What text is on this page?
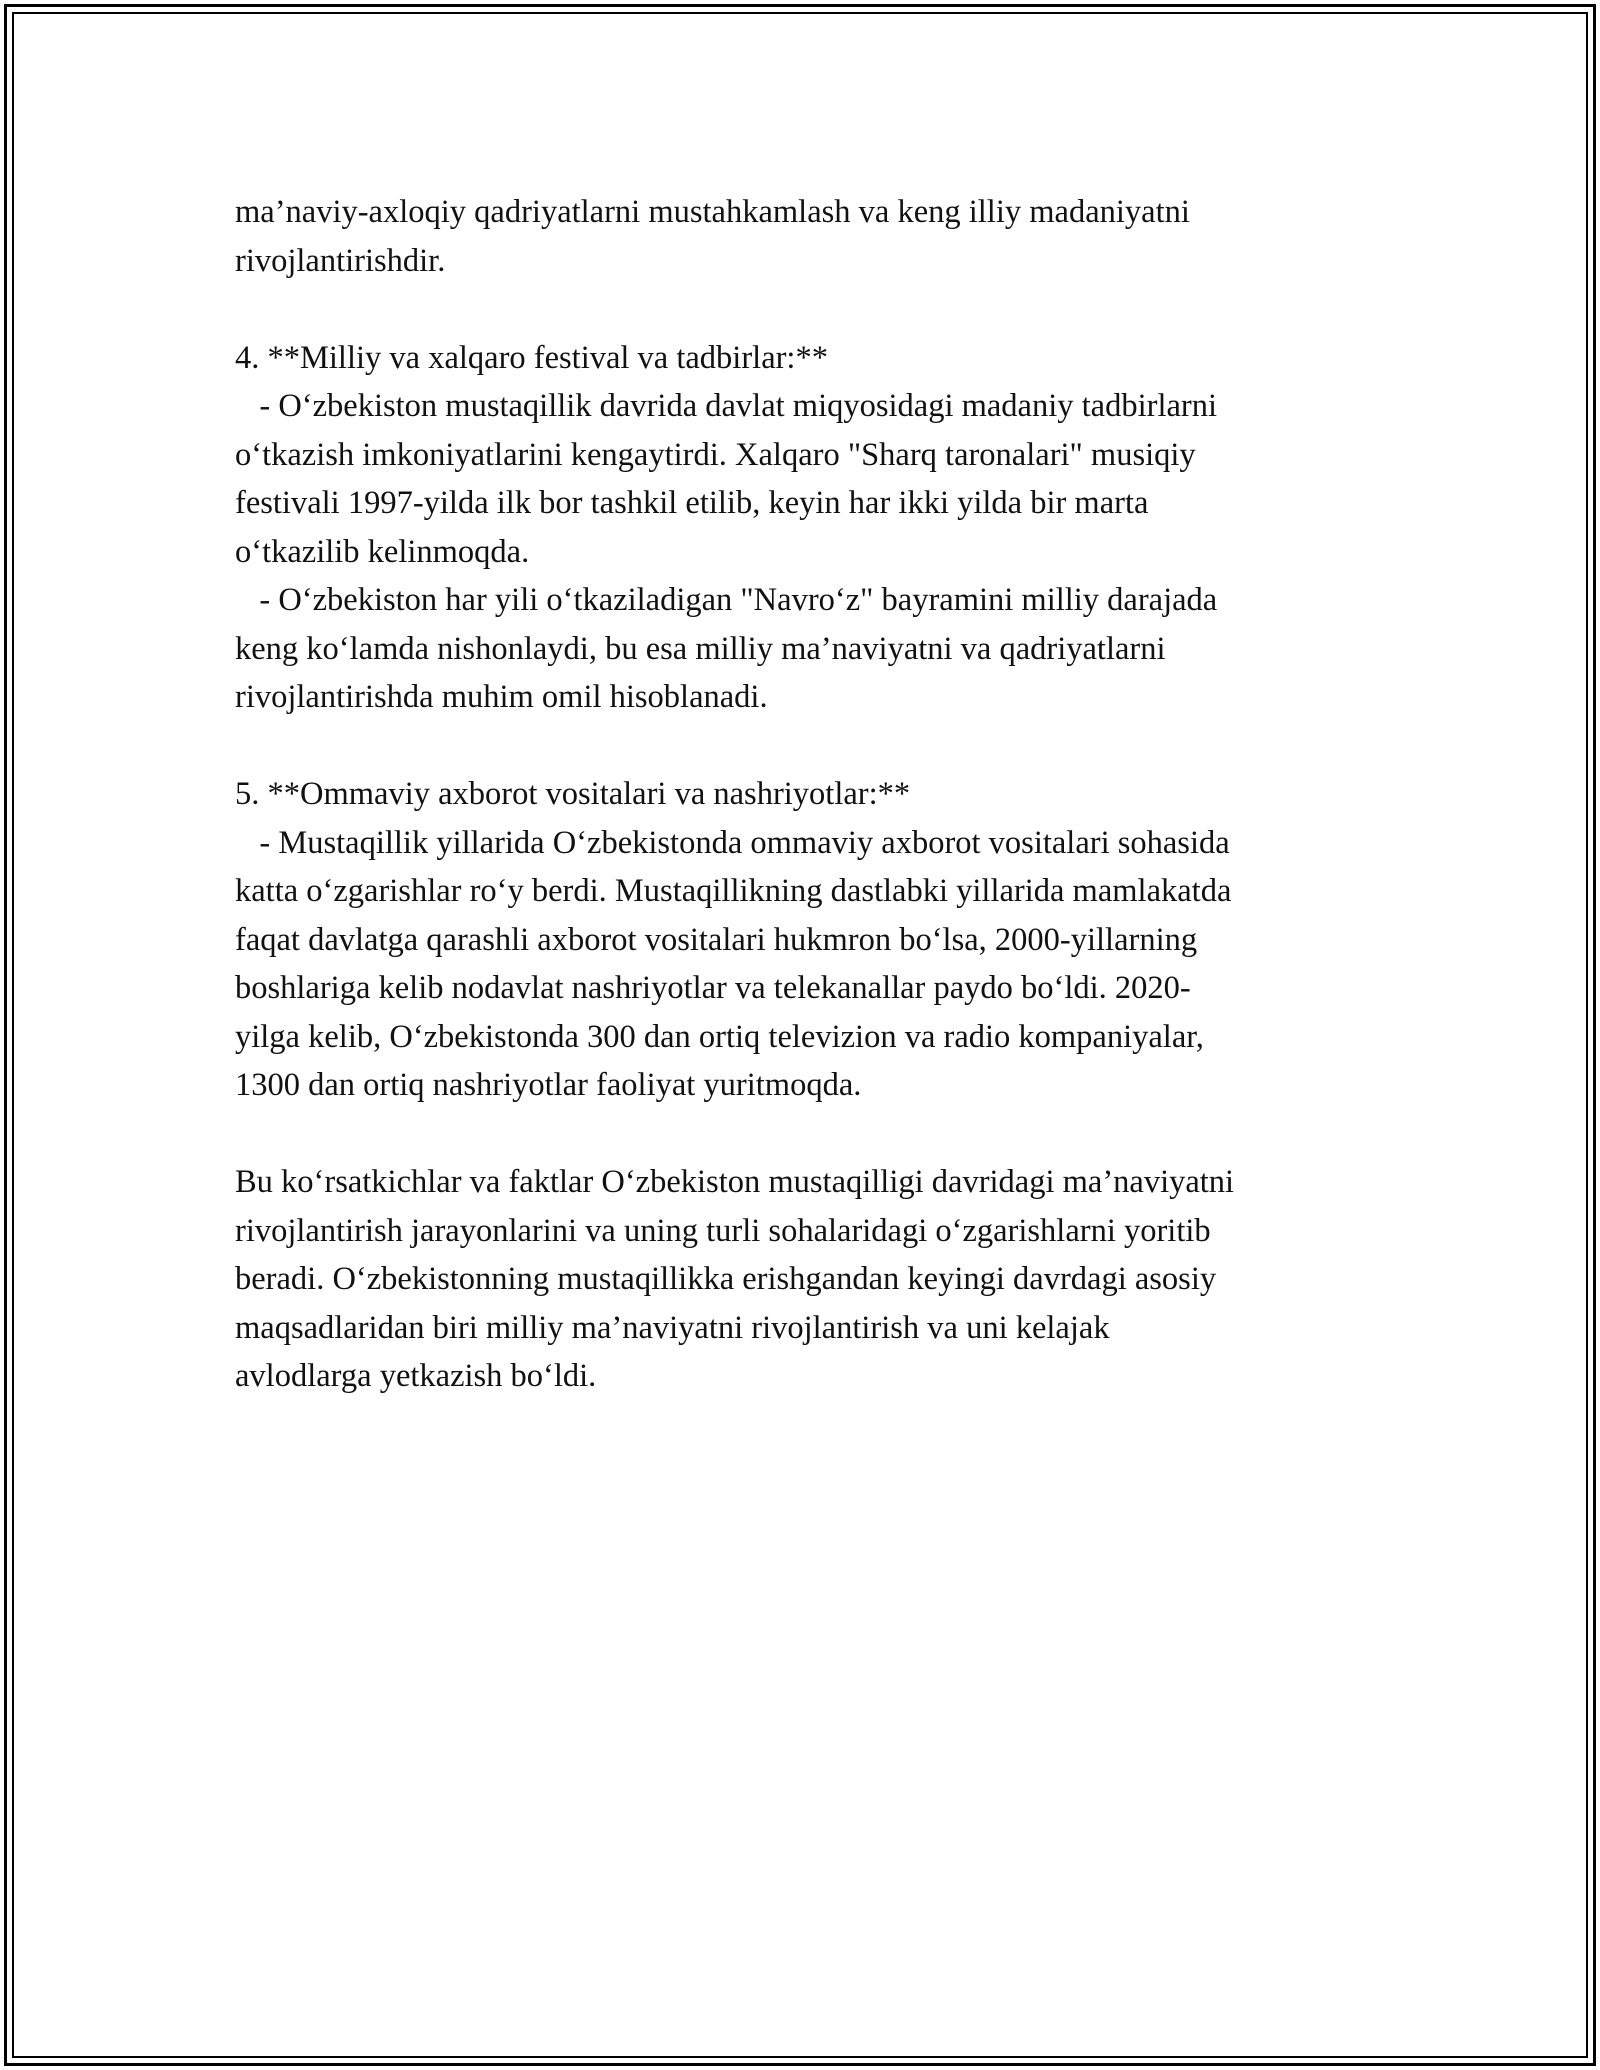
ma’naviy-axloqiy qadriyatlarni mustahkamlash va keng illiy madaniyatni
rivojlantirishdir.
4. **Milliy va xalqaro festival va tadbirlar:**
- O‘zbekiston mustaqillik davrida davlat miqyosidagi madaniy tadbirlarni
o‘tkazish imkoniyatlarini kengaytirdi. Xalqaro "Sharq taronalari" musiqiy
festivali 1997-yilda ilk bor tashkil etilib, keyin har ikki yilda bir marta
o‘tkazilib kelinmoqda.
- O‘zbekiston har yili o‘tkaziladigan "Navro‘z" bayramini milliy darajada
keng ko‘lamda nishonlaydi, bu esa milliy ma’naviyatni va qadriyatlarni
rivojlantirishda muhim omil hisoblanadi.
5. **Ommaviy axborot vositalari va nashriyotlar:**
- Mustaqillik yillarida O‘zbekistonda ommaviy axborot vositalari sohasida
katta o‘zgarishlar ro‘y berdi. Mustaqillikning dastlabki yillarida mamlakatda
faqat davlatga qarashli axborot vositalari hukmron bo‘lsa, 2000-yillarning
boshlariga kelib nodavlat nashriyotlar va telekanallar paydo bo‘ldi. 2020-
yilga kelib, O‘zbekistonda 300 dan ortiq televizion va radio kompaniyalar,
1300 dan ortiq nashriyotlar faoliyat yuritmoqda.
Bu ko‘rsatkichlar va faktlar O‘zbekiston mustaqilligi davridagi ma’naviyatni
rivojlantirish jarayonlarini va uning turli sohalaridagi o‘zgarishlarni yoritib
beradi. O‘zbekistonning mustaqillikka erishgandan keyingi davrdagi asosiy
maqsadlaridan biri milliy ma’naviyatni rivojlantirish va uni kelajak
avlodlarga yetkazish bo‘ldi.
